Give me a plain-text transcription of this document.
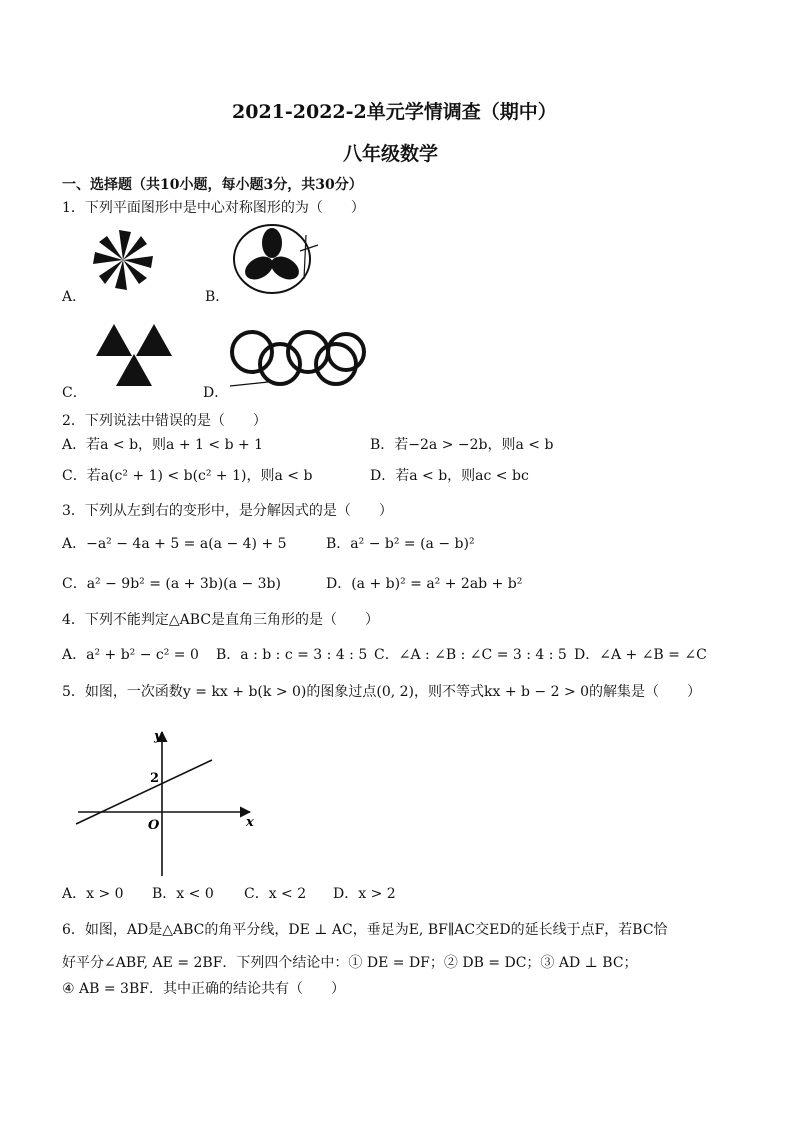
2021-2022-2单元学情调查（期中）
八年级数学
一、选择题（共10小题，每小题3分，共30分）
1．下列平面图形中是中心对称图形的为（　　）
A．	B．
C．	D．
2．下列说法中错误的是（　　）
A．若a < b，则a + 1 < b + 1	B．若−2a > −2b，则a < b
C．若a(c² + 1) < b(c² + 1)，则a < b	D．若a < b，则ac < bc
3．下列从左到右的变形中，是分解因式的是（　　）
A．−a² − 4a + 5 = a(a − 4) + 5	B．a² − b² = (a − b)²
C．a² − 9b² = (a + 3b)(a − 3b)	D．(a + b)² = a² + 2ab + b²
4．下列不能判定△ABC是直角三角形的是（　　）
A．a² + b² − c² = 0 B．a : b : c = 3 : 4 : 5 C．∠A : ∠B : ∠C = 3 : 4 : 5 D．∠A + ∠B = ∠C
5．如图，一次函数y = kx + b(k > 0)的图象过点(0, 2)，则不等式kx + b − 2 > 0的解集是（　　）
y
x
O
2
A．x > 0 B．x < 0 C．x < 2 D．x > 2
6．如图，AD是△ABC的角平分线，DE ⊥ AC，垂足为E, BF∥AC交ED的延长线于点F，若BC恰
好平分∠ABF, AE = 2BF．下列四个结论中：① DE = DF；② DB = DC；③ AD ⊥ BC；
④ AB = 3BF．其中正确的结论共有（　　）
